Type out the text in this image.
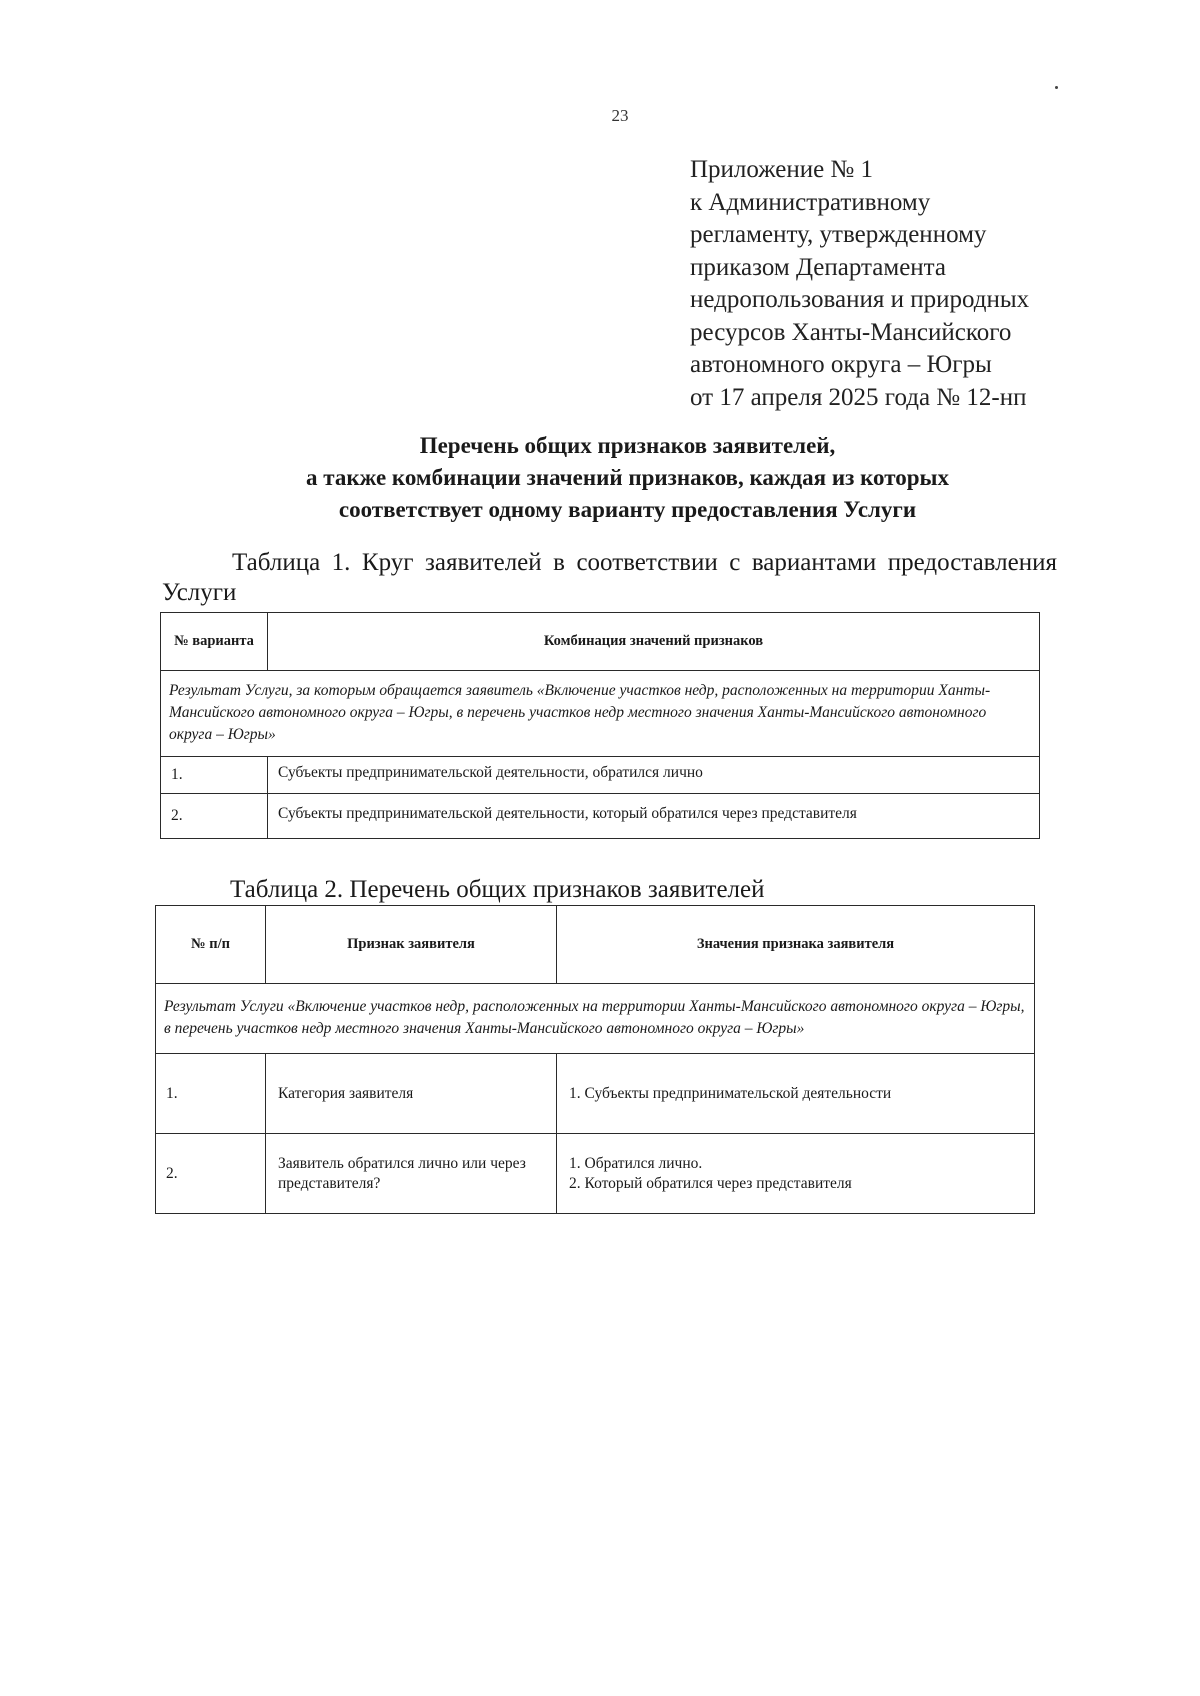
23
Приложение № 1
к Административному
регламенту, утвержденному
приказом Департамента
недропользования и природных
ресурсов Ханты-Мансийского
автономного округа – Югры
от 17 апреля 2025 года № 12-нп
Перечень общих признаков заявителей,
а также комбинации значений признаков, каждая из которых
соответствует одному варианту предоставления Услуги
Таблица 1. Круг заявителей в соответствии с вариантами предоставления Услуги
№ варианта	Комбинация значений признаков
Результат Услуги, за которым обращается заявитель «Включение участков недр, расположенных на территории Ханты-Мансийского автономного округа – Югры, в перечень участков недр местного значения Ханты-Мансийского автономного округа – Югры»	
1.	Субъекты предпринимательской деятельности, обратился лично
2.	Субъекты предпринимательской деятельности, который обратился через представителя
Таблица 2. Перечень общих признаков заявителей
№ п/п	Признак заявителя	Значения признака заявителя
Результат Услуги «Включение участков недр, расположенных на территории Ханты-Мансийского автономного округа – Югры, в перечень участков недр местного значения Ханты-Мансийского автономного округа – Югры»		
1.	Категория заявителя	1. Субъекты предпринимательской деятельности

2.	Заявитель обратился лично или через представителя?	1. Обратился лично.
2. Который обратился через представителя
